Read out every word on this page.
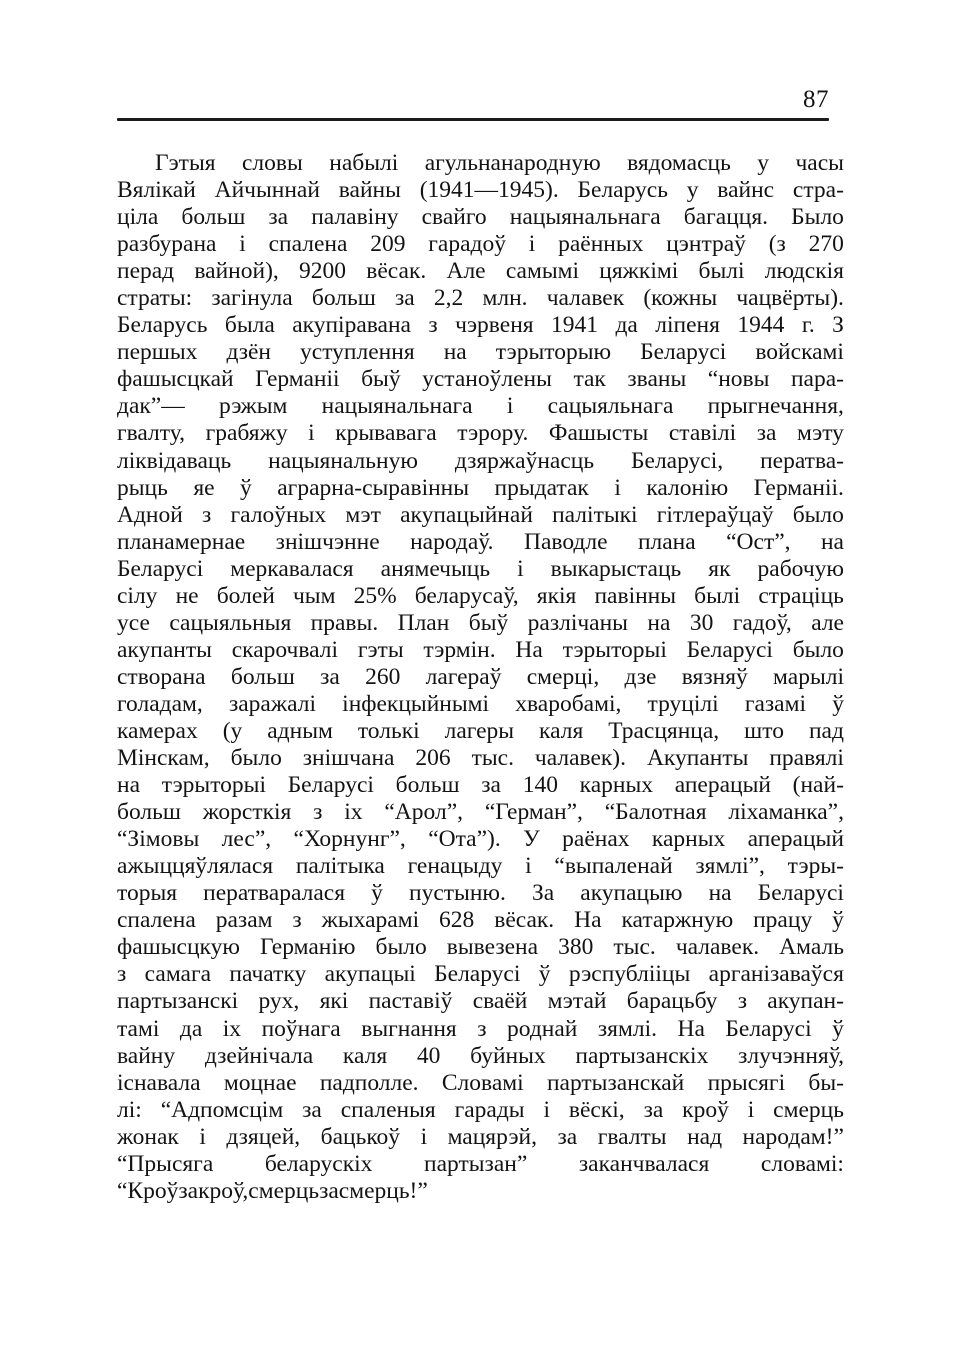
87
Гэтыя словы набылі агульнанародную вядомасць у часы
Вялікай Айчыннай вайны (1941—1945). Беларусь у вайнс стра-
ціла больш за палавіну свайго нацыянальнага багацця. Было
разбурана і спалена 209 гарадоў і раённых цэнтраў (з 270
перад вайной), 9200 вёсак. Але самымі цяжкімі былі людскія
страты: загінула больш за 2,2 млн. чалавек (кожны чацвёрты).
Беларусь была акупіравана з чэрвеня 1941 да ліпеня 1944 г. З
першых дзён уступлення на тэрыторыю Беларусі войскамі
фашысцкай Германіі быў устаноўлены так званы “новы пара-
дак”— рэжым нацыянальнага і сацыяльнага прыгнечання,
гвалту, грабяжу і крывавага тэрору. Фашысты ставілі за мэту
ліквідаваць нацыянальную дзяржаўнасць Беларусі, ператва-
рыць яе ў аграрна-сыравінны прыдатак і калонію Германіі.
Адной з галоўных мэт акупацыйнай палітыкі гітлераўцаў было
планамернае знішчэнне народаў. Паводле плана “Ост”, на
Беларусі меркавалася анямечыць і выкарыстаць як рабочую
сілу не болей чым 25% беларусаў, якія павінны былі страціць
усе сацыяльныя правы. План быў разлічаны на 30 гадоў, але
акупанты скарочвалі гэты тэрмін. На тэрыторыі Беларусі было
створана больш за 260 лагераў смерці, дзе вязняў марылі
голадам, заражалі інфекцыйнымі хваробамі, труцілі газамі ў
камерах (у адным толькі лагеры каля Трасцянца, што пад
Мінскам, было знішчана 206 тыс. чалавек). Акупанты правялі
на тэрыторыі Беларусі больш за 140 карных аперацый (най-
больш жорсткія з іх “Арол”, “Герман”, “Балотная ліхаманка”,
“Зімовы лес”, “Хорнунг”, “Ота”). У раёнах карных аперацый
ажыццяўлялася палітыка генацыду і “выпаленай зямлі”, тэры-
торыя ператваралася ў пустыню. За акупацыю на Беларусі
спалена разам з жыхарамі 628 вёсак. На катаржную працу ў
фашысцкую Германію было вывезена 380 тыс. чалавек. Амаль
з самага пачатку акупацыі Беларусі ў рэспублііцы арганізаваўся
партызанскі рух, які паставіў сваёй мэтай барацьбу з акупан-
тамі да іх поўнага выгнання з роднай зямлі. На Беларусі ў
вайну дзейнічала каля 40 буйных партызанскіх злучэнняў,
існавала моцнае падполле. Словамі партызанскай прысягі бы-
лі: “Адпомсцім за спаленыя гарады і вёскі, за кроў і смерць
жонак і дзяцей, бацькоў і мацярэй, за гвалты над народам!”
“Прысяга беларускіх партызан” заканчвалася словамі:
“Кроў за кроў, смерць за смерць!”
